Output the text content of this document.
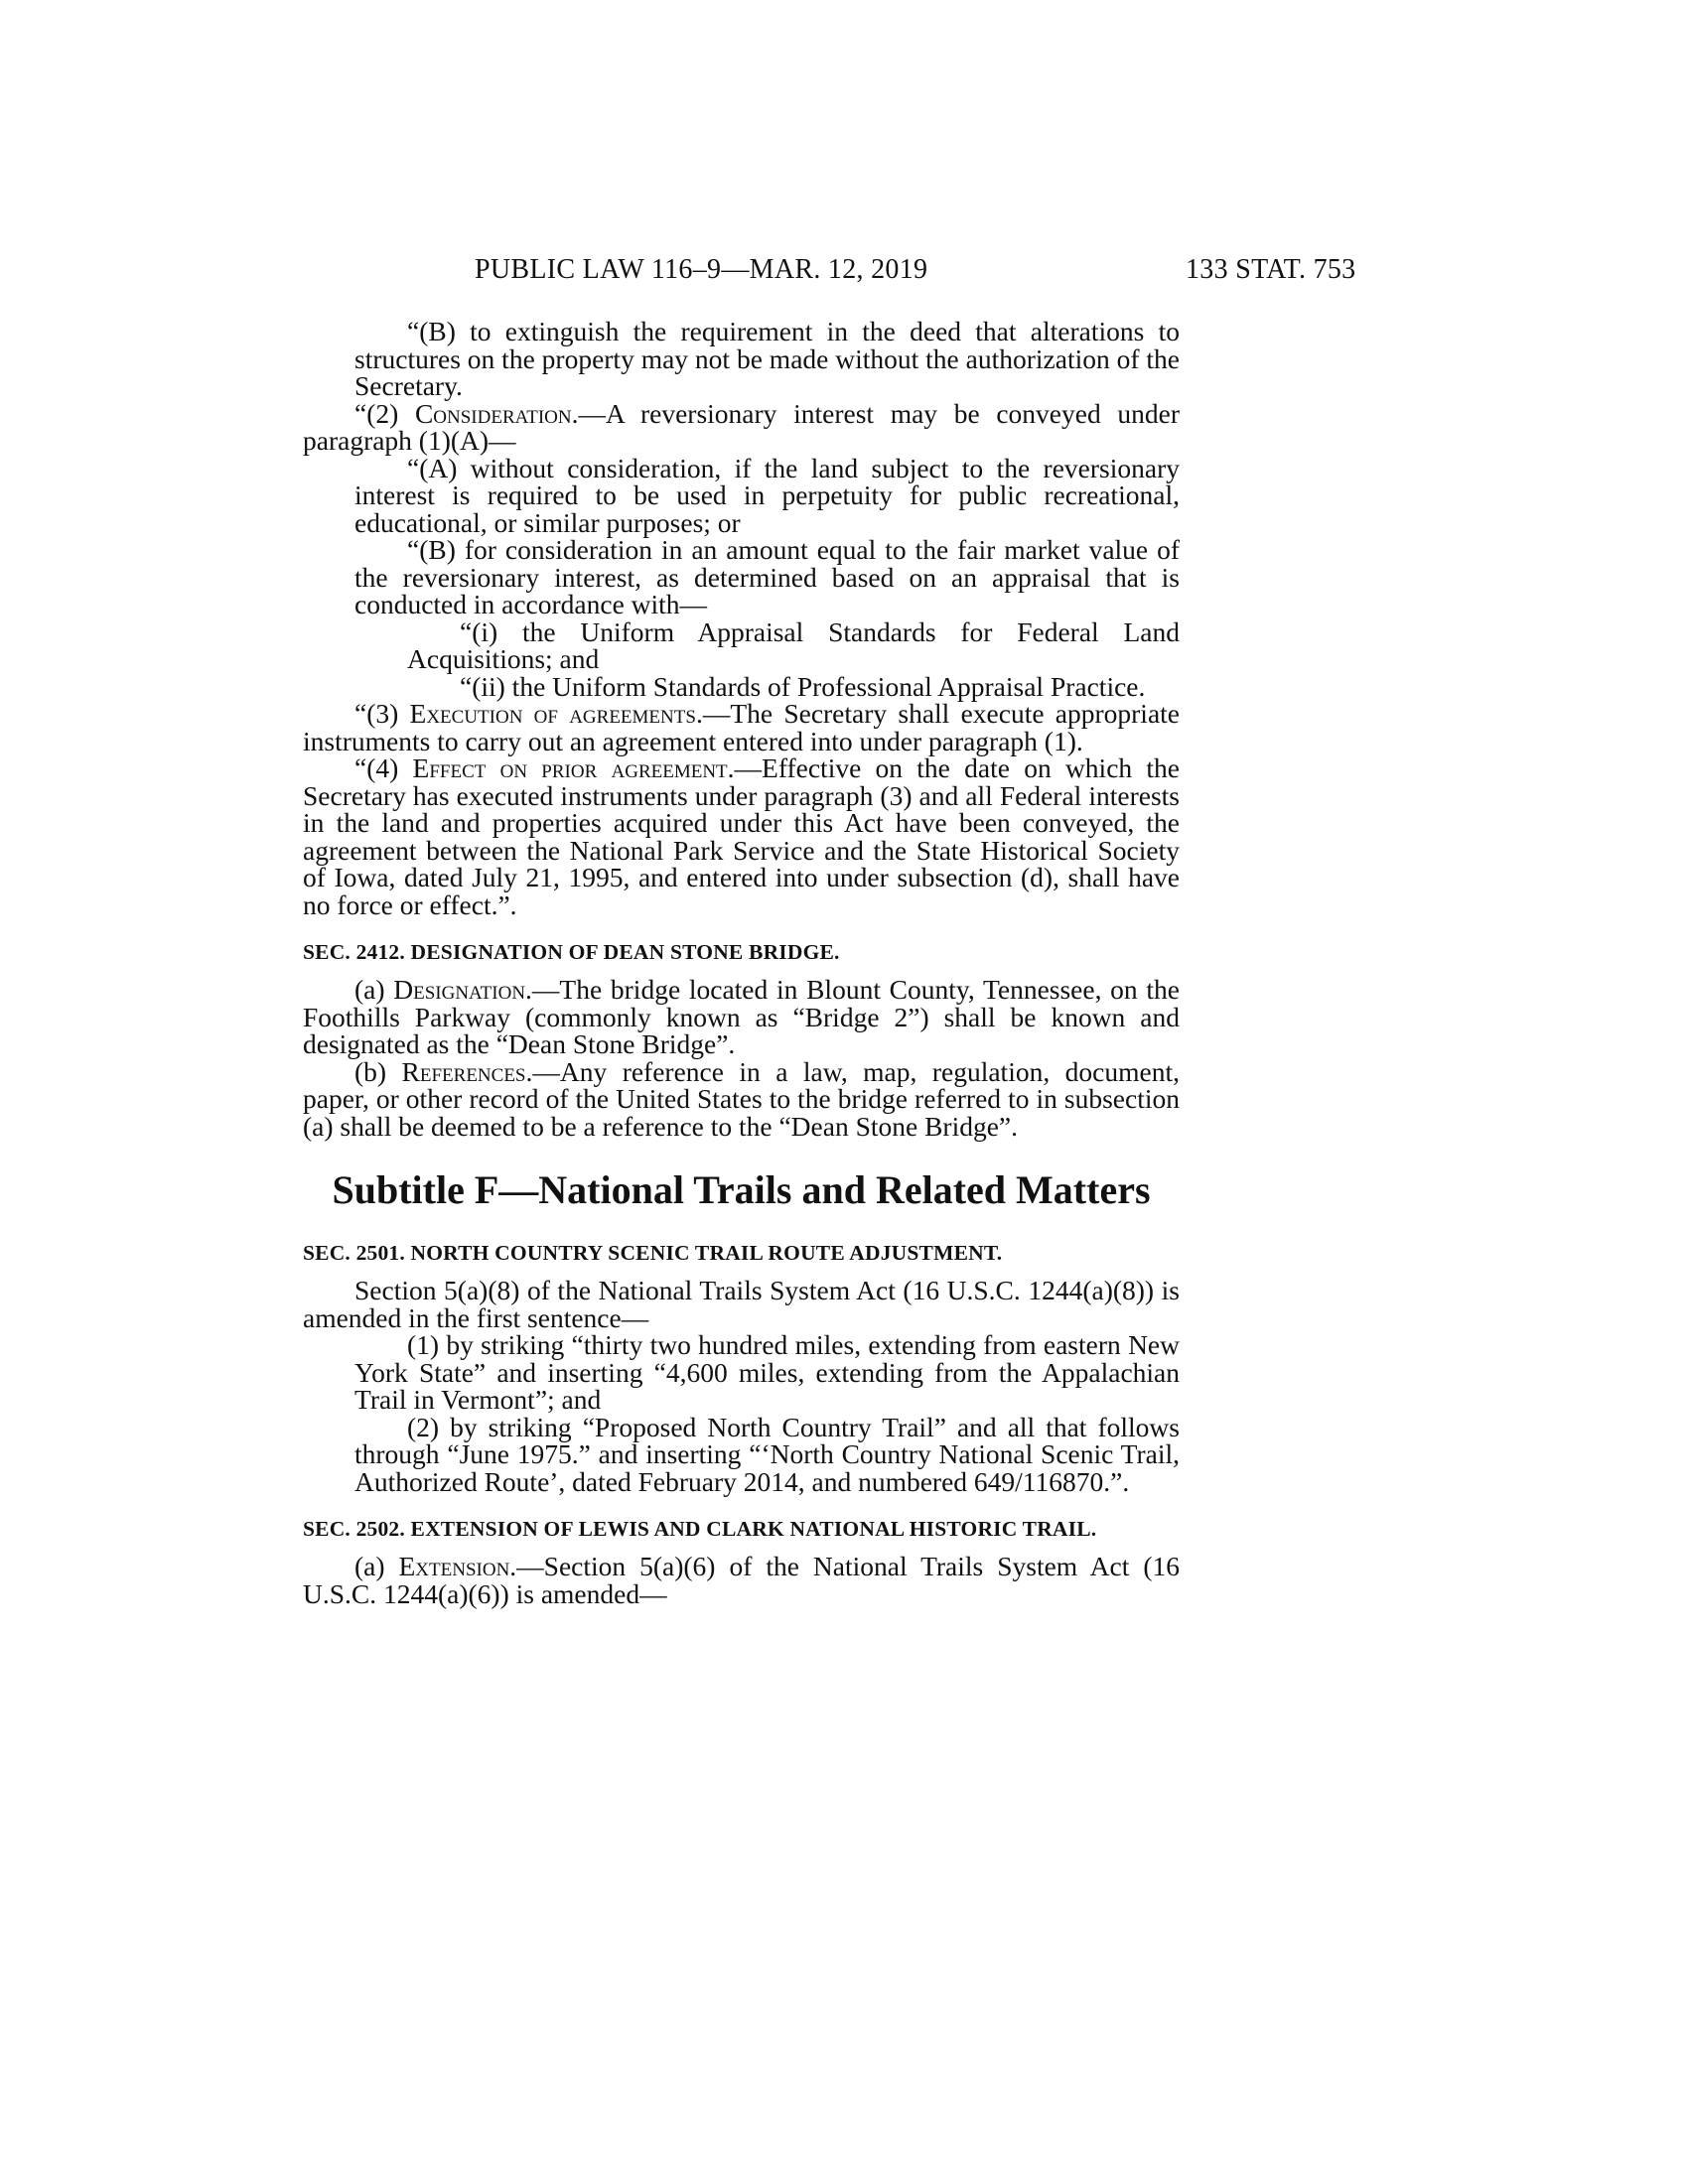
PUBLIC LAW 116–9—MAR. 12, 2019	133 STAT. 753

“(B) to extinguish the requirement in the deed that alterations to structures on the property may not be made without the authorization of the Secretary.

“(2) Consideration.—A reversionary interest may be conveyed under paragraph (1)(A)—

“(A) without consideration, if the land subject to the reversionary interest is required to be used in perpetuity for public recreational, educational, or similar purposes; or

“(B) for consideration in an amount equal to the fair market value of the reversionary interest, as determined based on an appraisal that is conducted in accordance with—

“(i) the Uniform Appraisal Standards for Federal Land Acquisitions; and

“(ii) the Uniform Standards of Professional Appraisal Practice.

“(3) Execution of agreements.—The Secretary shall execute appropriate instruments to carry out an agreement entered into under paragraph (1).

“(4) Effect on prior agreement.—Effective on the date on which the Secretary has executed instruments under paragraph (3) and all Federal interests in the land and properties acquired under this Act have been conveyed, the agreement between the National Park Service and the State Historical Society of Iowa, dated July 21, 1995, and entered into under subsection (d), shall have no force or effect.”.

SEC. 2412. DESIGNATION OF DEAN STONE BRIDGE.

(a) Designation.—The bridge located in Blount County, Tennessee, on the Foothills Parkway (commonly known as “Bridge 2”) shall be known and designated as the “Dean Stone Bridge”.

(b) References.—Any reference in a law, map, regulation, document, paper, or other record of the United States to the bridge referred to in subsection (a) shall be deemed to be a reference to the “Dean Stone Bridge”.

Subtitle F—National Trails and Related Matters

SEC. 2501. NORTH COUNTRY SCENIC TRAIL ROUTE ADJUSTMENT.

Section 5(a)(8) of the National Trails System Act (16 U.S.C. 1244(a)(8)) is amended in the first sentence—

(1) by striking “thirty two hundred miles, extending from eastern New York State” and inserting “4,600 miles, extending from the Appalachian Trail in Vermont”; and

(2) by striking “Proposed North Country Trail” and all that follows through “June 1975.” and inserting “‘North Country National Scenic Trail, Authorized Route’, dated February 2014, and numbered 649/116870.”.

SEC. 2502. EXTENSION OF LEWIS AND CLARK NATIONAL HISTORIC TRAIL.

(a) Extension.—Section 5(a)(6) of the National Trails System Act (16 U.S.C. 1244(a)(6)) is amended—
